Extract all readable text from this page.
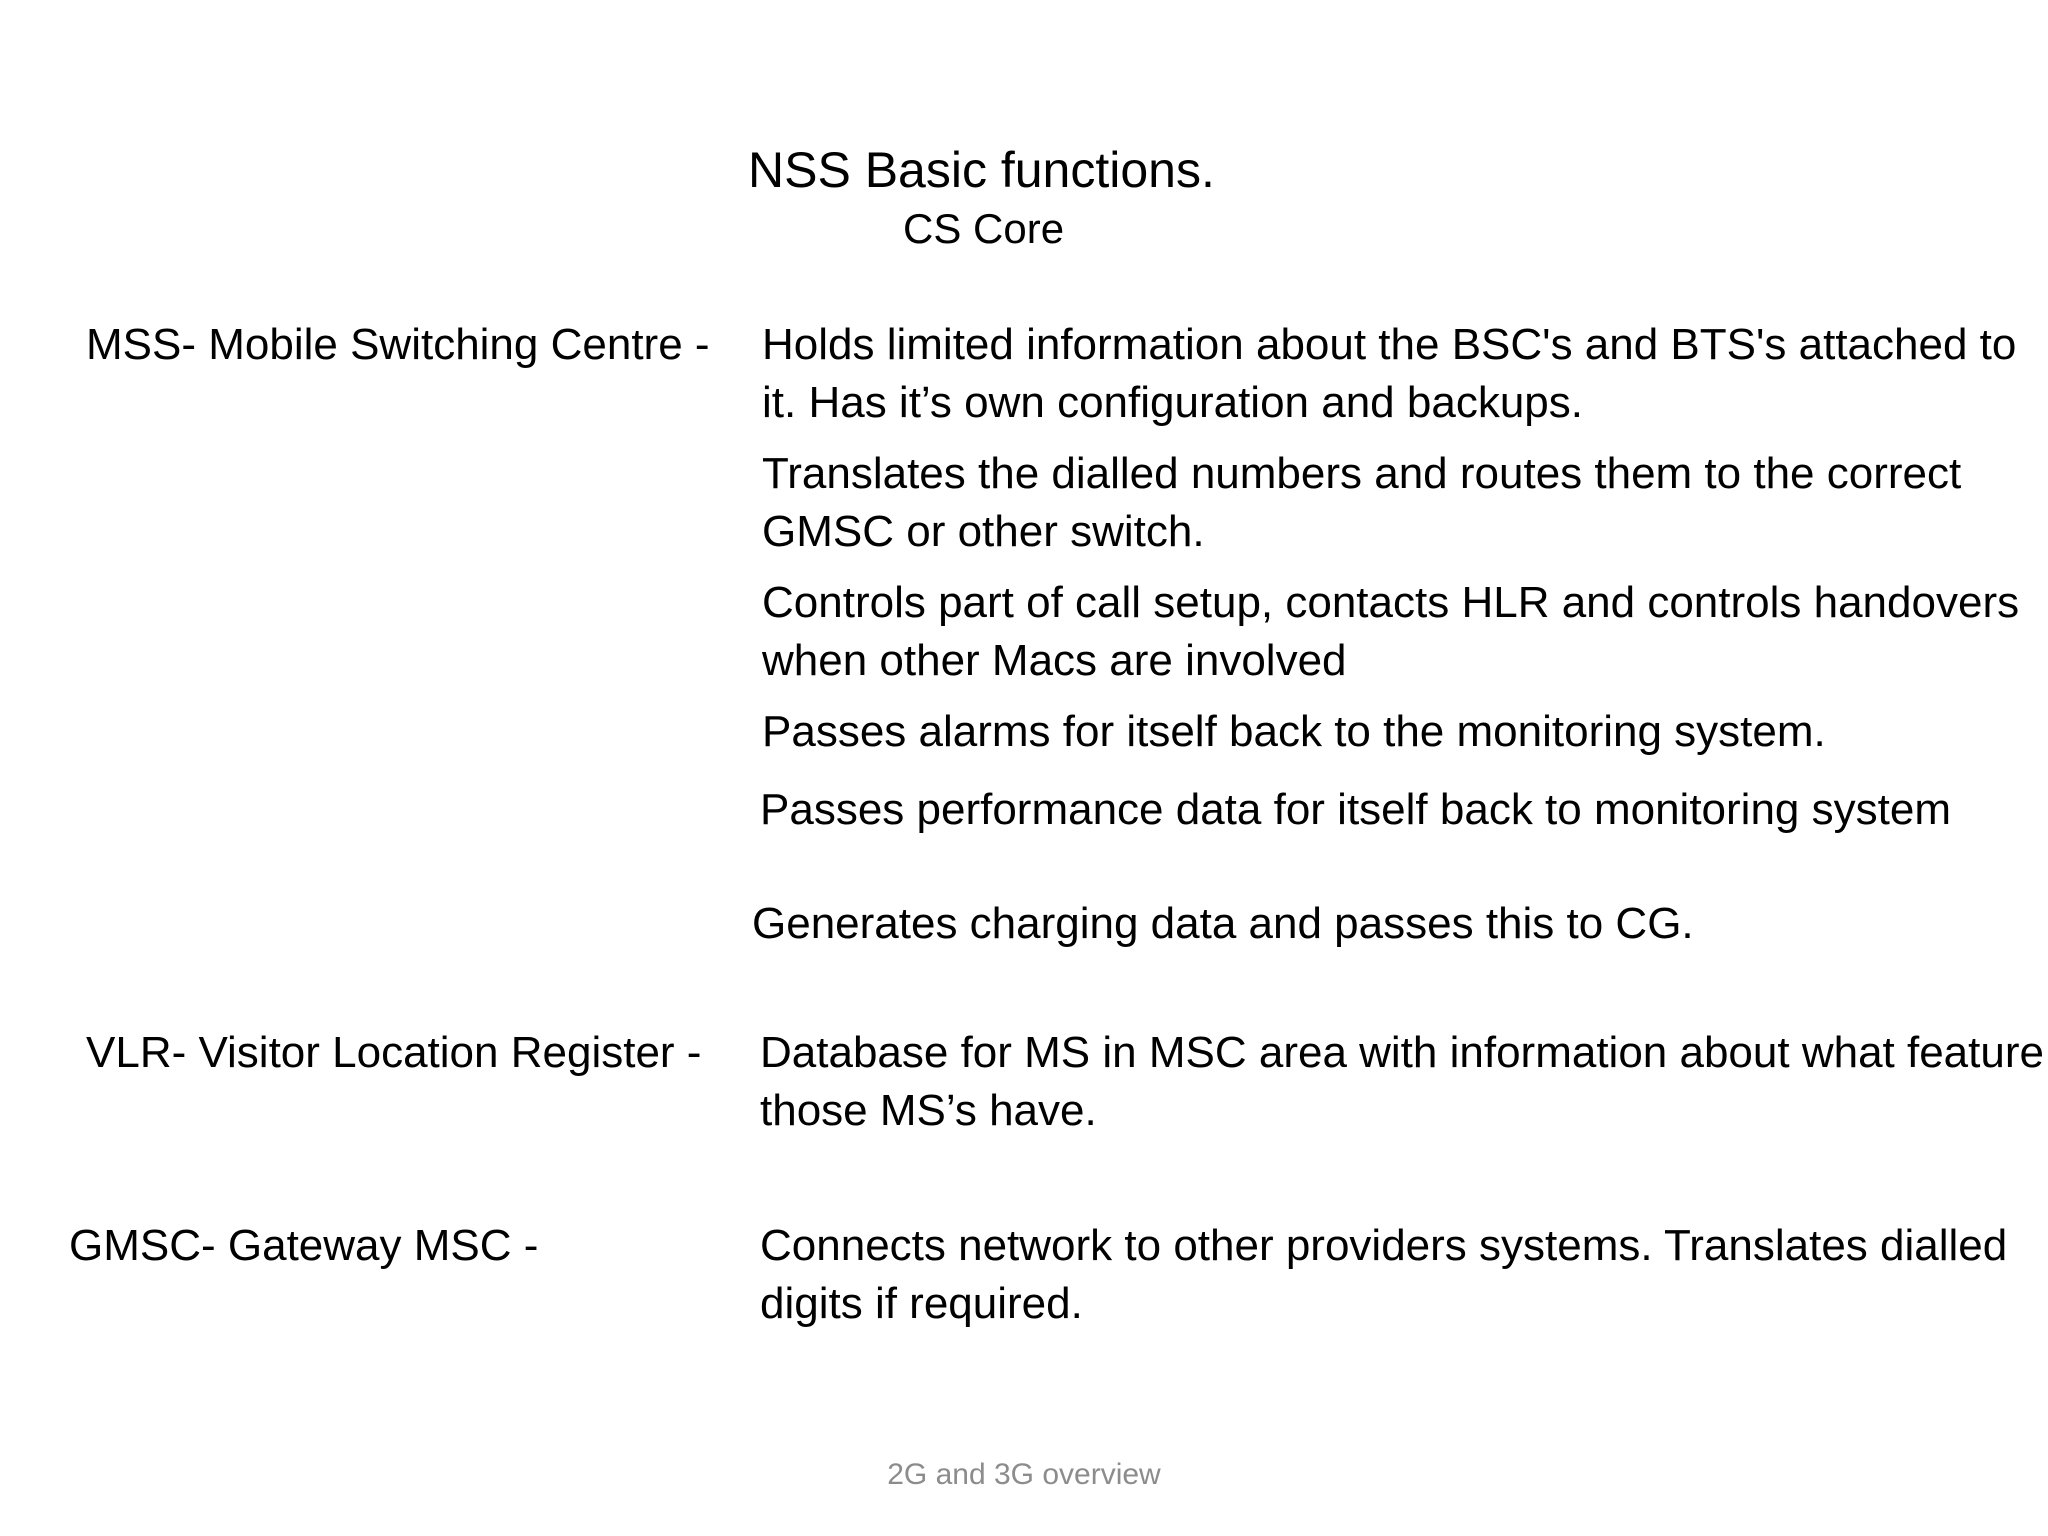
NSS Basic functions.
CS Core
MSS- Mobile Switching Centre - Holds limited information about the BSC's and BTS's attached to it. Has it’s own configuration and backups.
Translates the dialled numbers and routes them to the correct GMSC or other switch.
Controls part of call setup, contacts HLR and controls handovers when other Macs are involved
Passes alarms for itself back to the monitoring system.
Passes performance data for itself back to monitoring system
Generates charging data and passes this to CG.
VLR- Visitor Location Register - Database for MS in MSC area with information about what feature those MS’s have.
GMSC- Gateway MSC -	Connects network to other providers systems. Translates dialled digits if required.
2G and 3G overview
